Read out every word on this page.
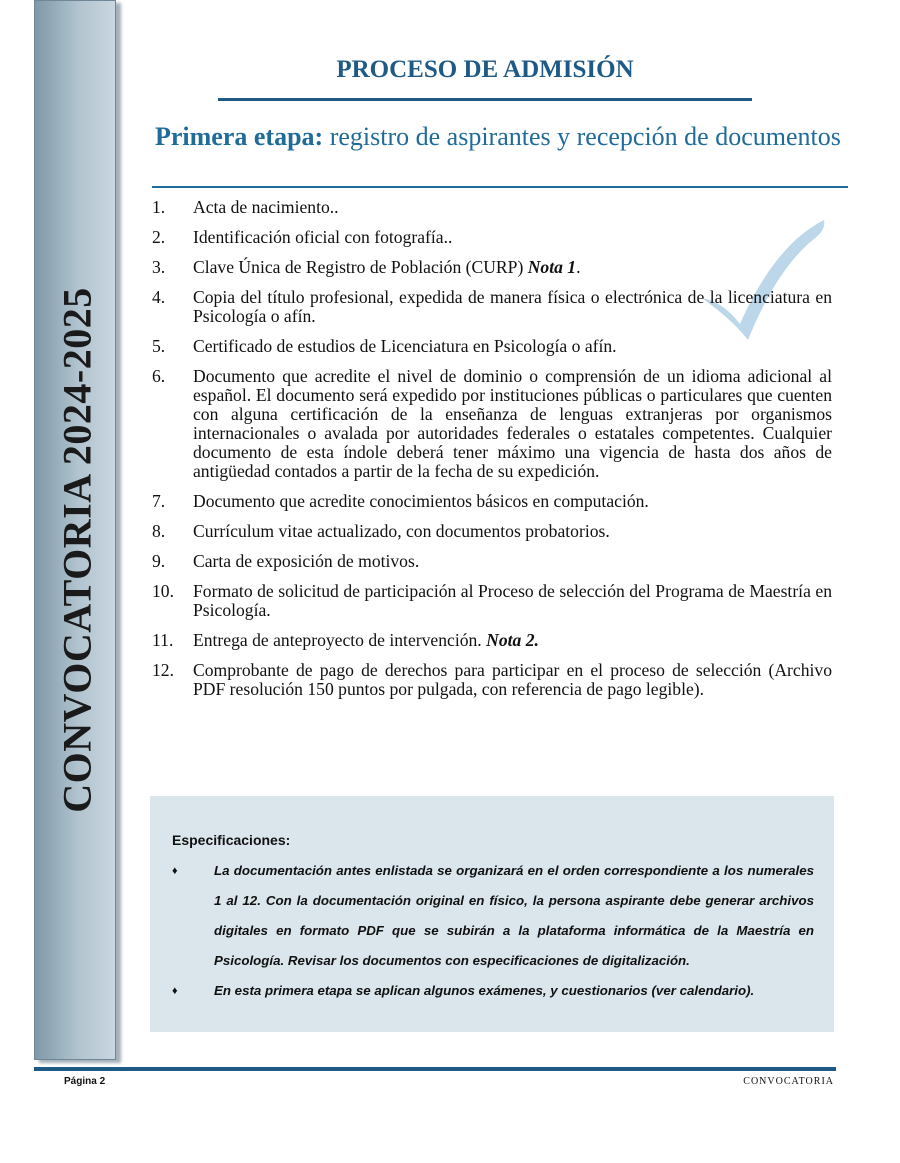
CONVOCATORIA 2024-2025
PROCESO DE ADMISIÓN
Primera etapa: registro de aspirantes y recepción de documentos
1.	Acta de nacimiento..
2.	Identificación oficial con fotografía..
3.	Clave Única de Registro de Población (CURP) Nota 1.
4.	Copia del título profesional, expedida de manera física o electrónica de la licenciatura en Psicología o afín.
5.	Certificado de estudios de Licenciatura en Psicología o afín.
6.	Documento que acredite el nivel de dominio o comprensión de un idioma adicional al español. El documento será expedido por instituciones públicas o particulares que cuenten con alguna certificación de la enseñanza de lenguas extranjeras por organismos internacionales o avalada por autoridades federales o estatales competentes. Cualquier documento de esta índole deberá tener máximo una vigencia de hasta dos años de antigüedad contados a partir de la fecha de su expedición.
7.	Documento que acredite conocimientos básicos en computación.
8.	Currículum vitae actualizado, con documentos probatorios.
9.	Carta de exposición de motivos.
10.	Formato de solicitud de participación al Proceso de selección del Programa de Maestría en Psicología.
11.	Entrega de anteproyecto de intervención. Nota 2.
12.	Comprobante de pago de derechos para participar en el proceso de selección (Archivo PDF resolución 150 puntos por pulgada, con referencia de pago legible).

Especificaciones:

♦	La documentación antes enlistada se organizará en el orden correspondiente a los numerales 1 al 12. Con la documentación original en físico, la persona aspirante debe generar archivos digitales en formato PDF que se subirán a la plataforma informática de la Maestría en Psicología. Revisar los documentos con especificaciones de digitalización.
♦	En esta primera etapa se aplican algunos exámenes, y cuestionarios (ver calendario).
Página 2	CONVOCATORIA
